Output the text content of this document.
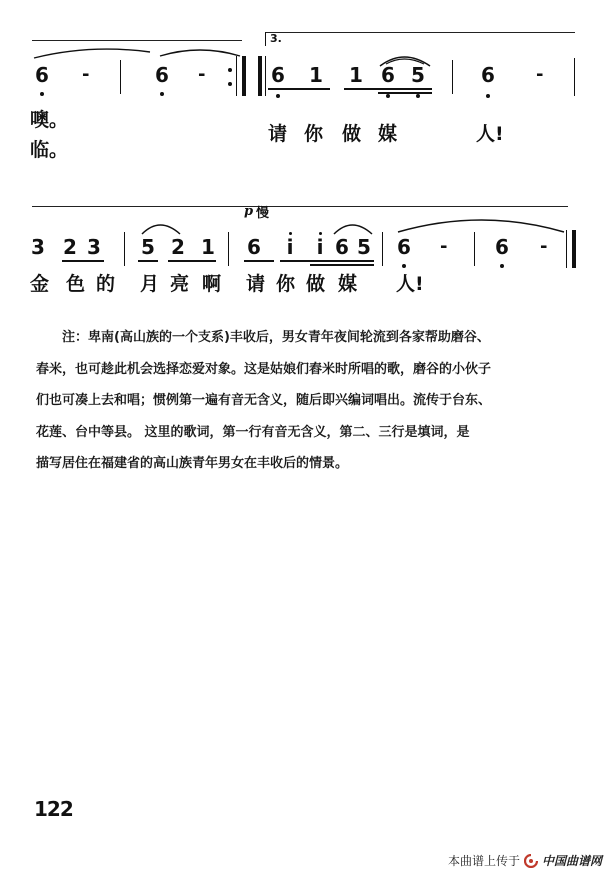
3.
6 -	6 -	6 1 1 6 5	6 -
噢。
临。
请 你 做 媒	人!
p 慢
3 2 3 5 2 1 6 i i 6 5 6 - 6 -
金 色 的 月 亮 啊 请 你 做 媒 人!

注：卑南(高山族的一个支系)丰收后，男女青年夜间轮流到各家帮助磨谷、

春米，也可趁此机会选择恋爱对象。这是姑娘们舂米时所唱的歌，磨谷的小伙子

们也可凑上去和唱；惯例第一遍有音无含义，随后即兴编词唱出。流传于台东、

花莲、台中等县。 这里的歌词，第一行有音无含义，第二、三行是填词，是

描写居住在福建省的高山族青年男女在丰收后的情景。

122
本曲谱上传于 中国曲谱网
